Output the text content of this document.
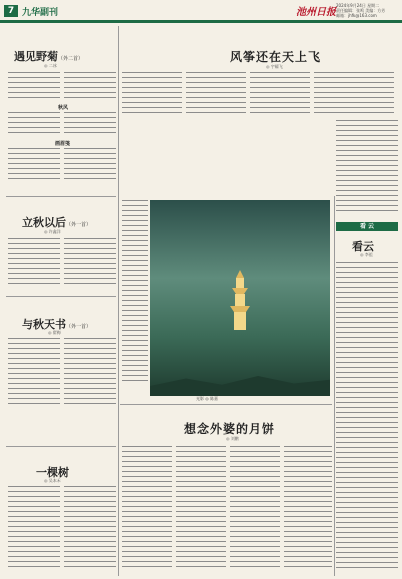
7 九华副刊	池州日报
2024年9月24日 星期二
责任编辑：张鸣 美编：方芳
邮箱：jhfk@163.com
遇见野菊（外二首）
◎ 二冰
秋风
画眉笺
立秋以后（外一首）
◎ 许鑫洋
与秋天书（外一首）
◎ 翟梅
一棵树
◎ 吴本禾
风筝还在天上飞
◎ 宇耀飞
光影 ◎ 陈嘉
想念外婆的月饼
◎ 刘鹏
看 云
看云
◎ 李祖
